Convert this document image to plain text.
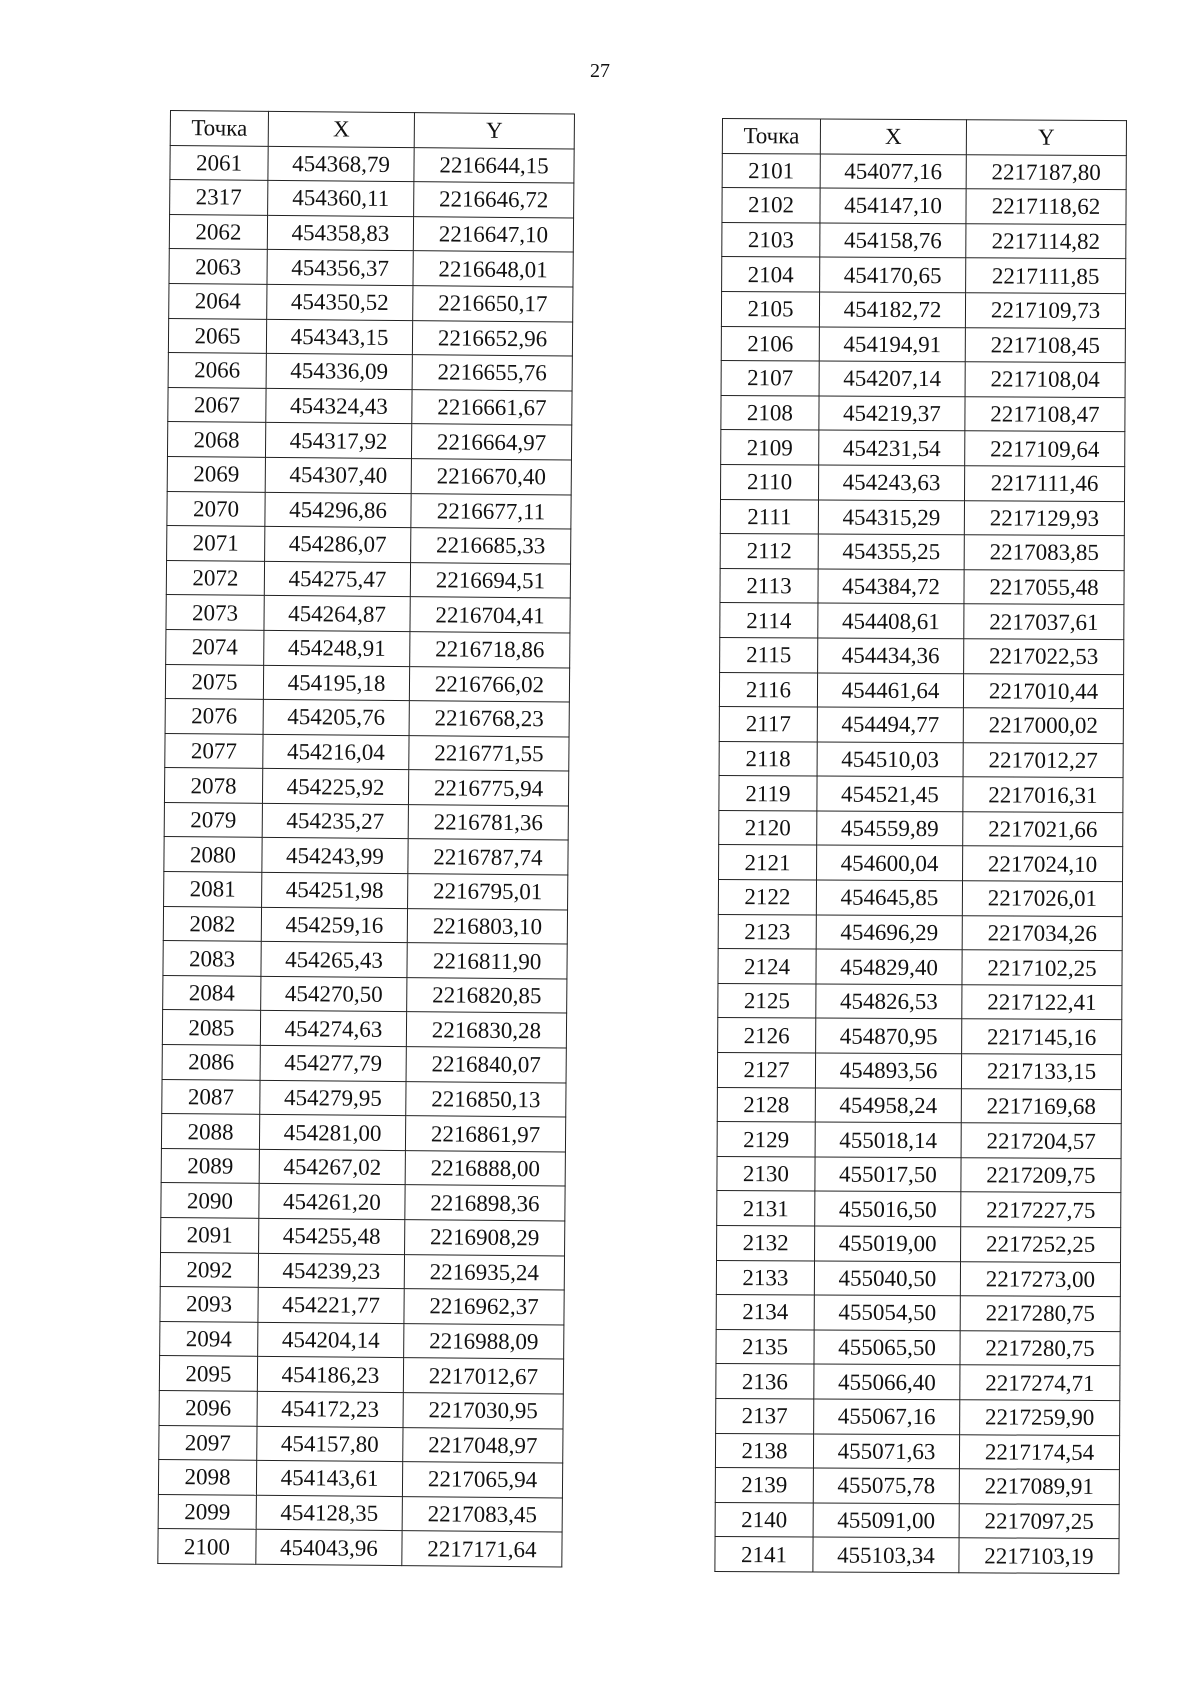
27
Точка	X	Y
2061	454368,79	2216644,15
2317	454360,11	2216646,72
2062	454358,83	2216647,10
2063	454356,37	2216648,01
2064	454350,52	2216650,17
2065	454343,15	2216652,96
2066	454336,09	2216655,76
2067	454324,43	2216661,67
2068	454317,92	2216664,97
2069	454307,40	2216670,40
2070	454296,86	2216677,11
2071	454286,07	2216685,33
2072	454275,47	2216694,51
2073	454264,87	2216704,41
2074	454248,91	2216718,86
2075	454195,18	2216766,02
2076	454205,76	2216768,23
2077	454216,04	2216771,55
2078	454225,92	2216775,94
2079	454235,27	2216781,36
2080	454243,99	2216787,74
2081	454251,98	2216795,01
2082	454259,16	2216803,10
2083	454265,43	2216811,90
2084	454270,50	2216820,85
2085	454274,63	2216830,28
2086	454277,79	2216840,07
2087	454279,95	2216850,13
2088	454281,00	2216861,97
2089	454267,02	2216888,00
2090	454261,20	2216898,36
2091	454255,48	2216908,29
2092	454239,23	2216935,24
2093	454221,77	2216962,37
2094	454204,14	2216988,09
2095	454186,23	2217012,67
2096	454172,23	2217030,95
2097	454157,80	2217048,97
2098	454143,61	2217065,94
2099	454128,35	2217083,45
2100	454043,96	2217171,64
Точка	X	Y
2101	454077,16	2217187,80
2102	454147,10	2217118,62
2103	454158,76	2217114,82
2104	454170,65	2217111,85
2105	454182,72	2217109,73
2106	454194,91	2217108,45
2107	454207,14	2217108,04
2108	454219,37	2217108,47
2109	454231,54	2217109,64
2110	454243,63	2217111,46
2111	454315,29	2217129,93
2112	454355,25	2217083,85
2113	454384,72	2217055,48
2114	454408,61	2217037,61
2115	454434,36	2217022,53
2116	454461,64	2217010,44
2117	454494,77	2217000,02
2118	454510,03	2217012,27
2119	454521,45	2217016,31
2120	454559,89	2217021,66
2121	454600,04	2217024,10
2122	454645,85	2217026,01
2123	454696,29	2217034,26
2124	454829,40	2217102,25
2125	454826,53	2217122,41
2126	454870,95	2217145,16
2127	454893,56	2217133,15
2128	454958,24	2217169,68
2129	455018,14	2217204,57
2130	455017,50	2217209,75
2131	455016,50	2217227,75
2132	455019,00	2217252,25
2133	455040,50	2217273,00
2134	455054,50	2217280,75
2135	455065,50	2217280,75
2136	455066,40	2217274,71
2137	455067,16	2217259,90
2138	455071,63	2217174,54
2139	455075,78	2217089,91
2140	455091,00	2217097,25
2141	455103,34	2217103,19
